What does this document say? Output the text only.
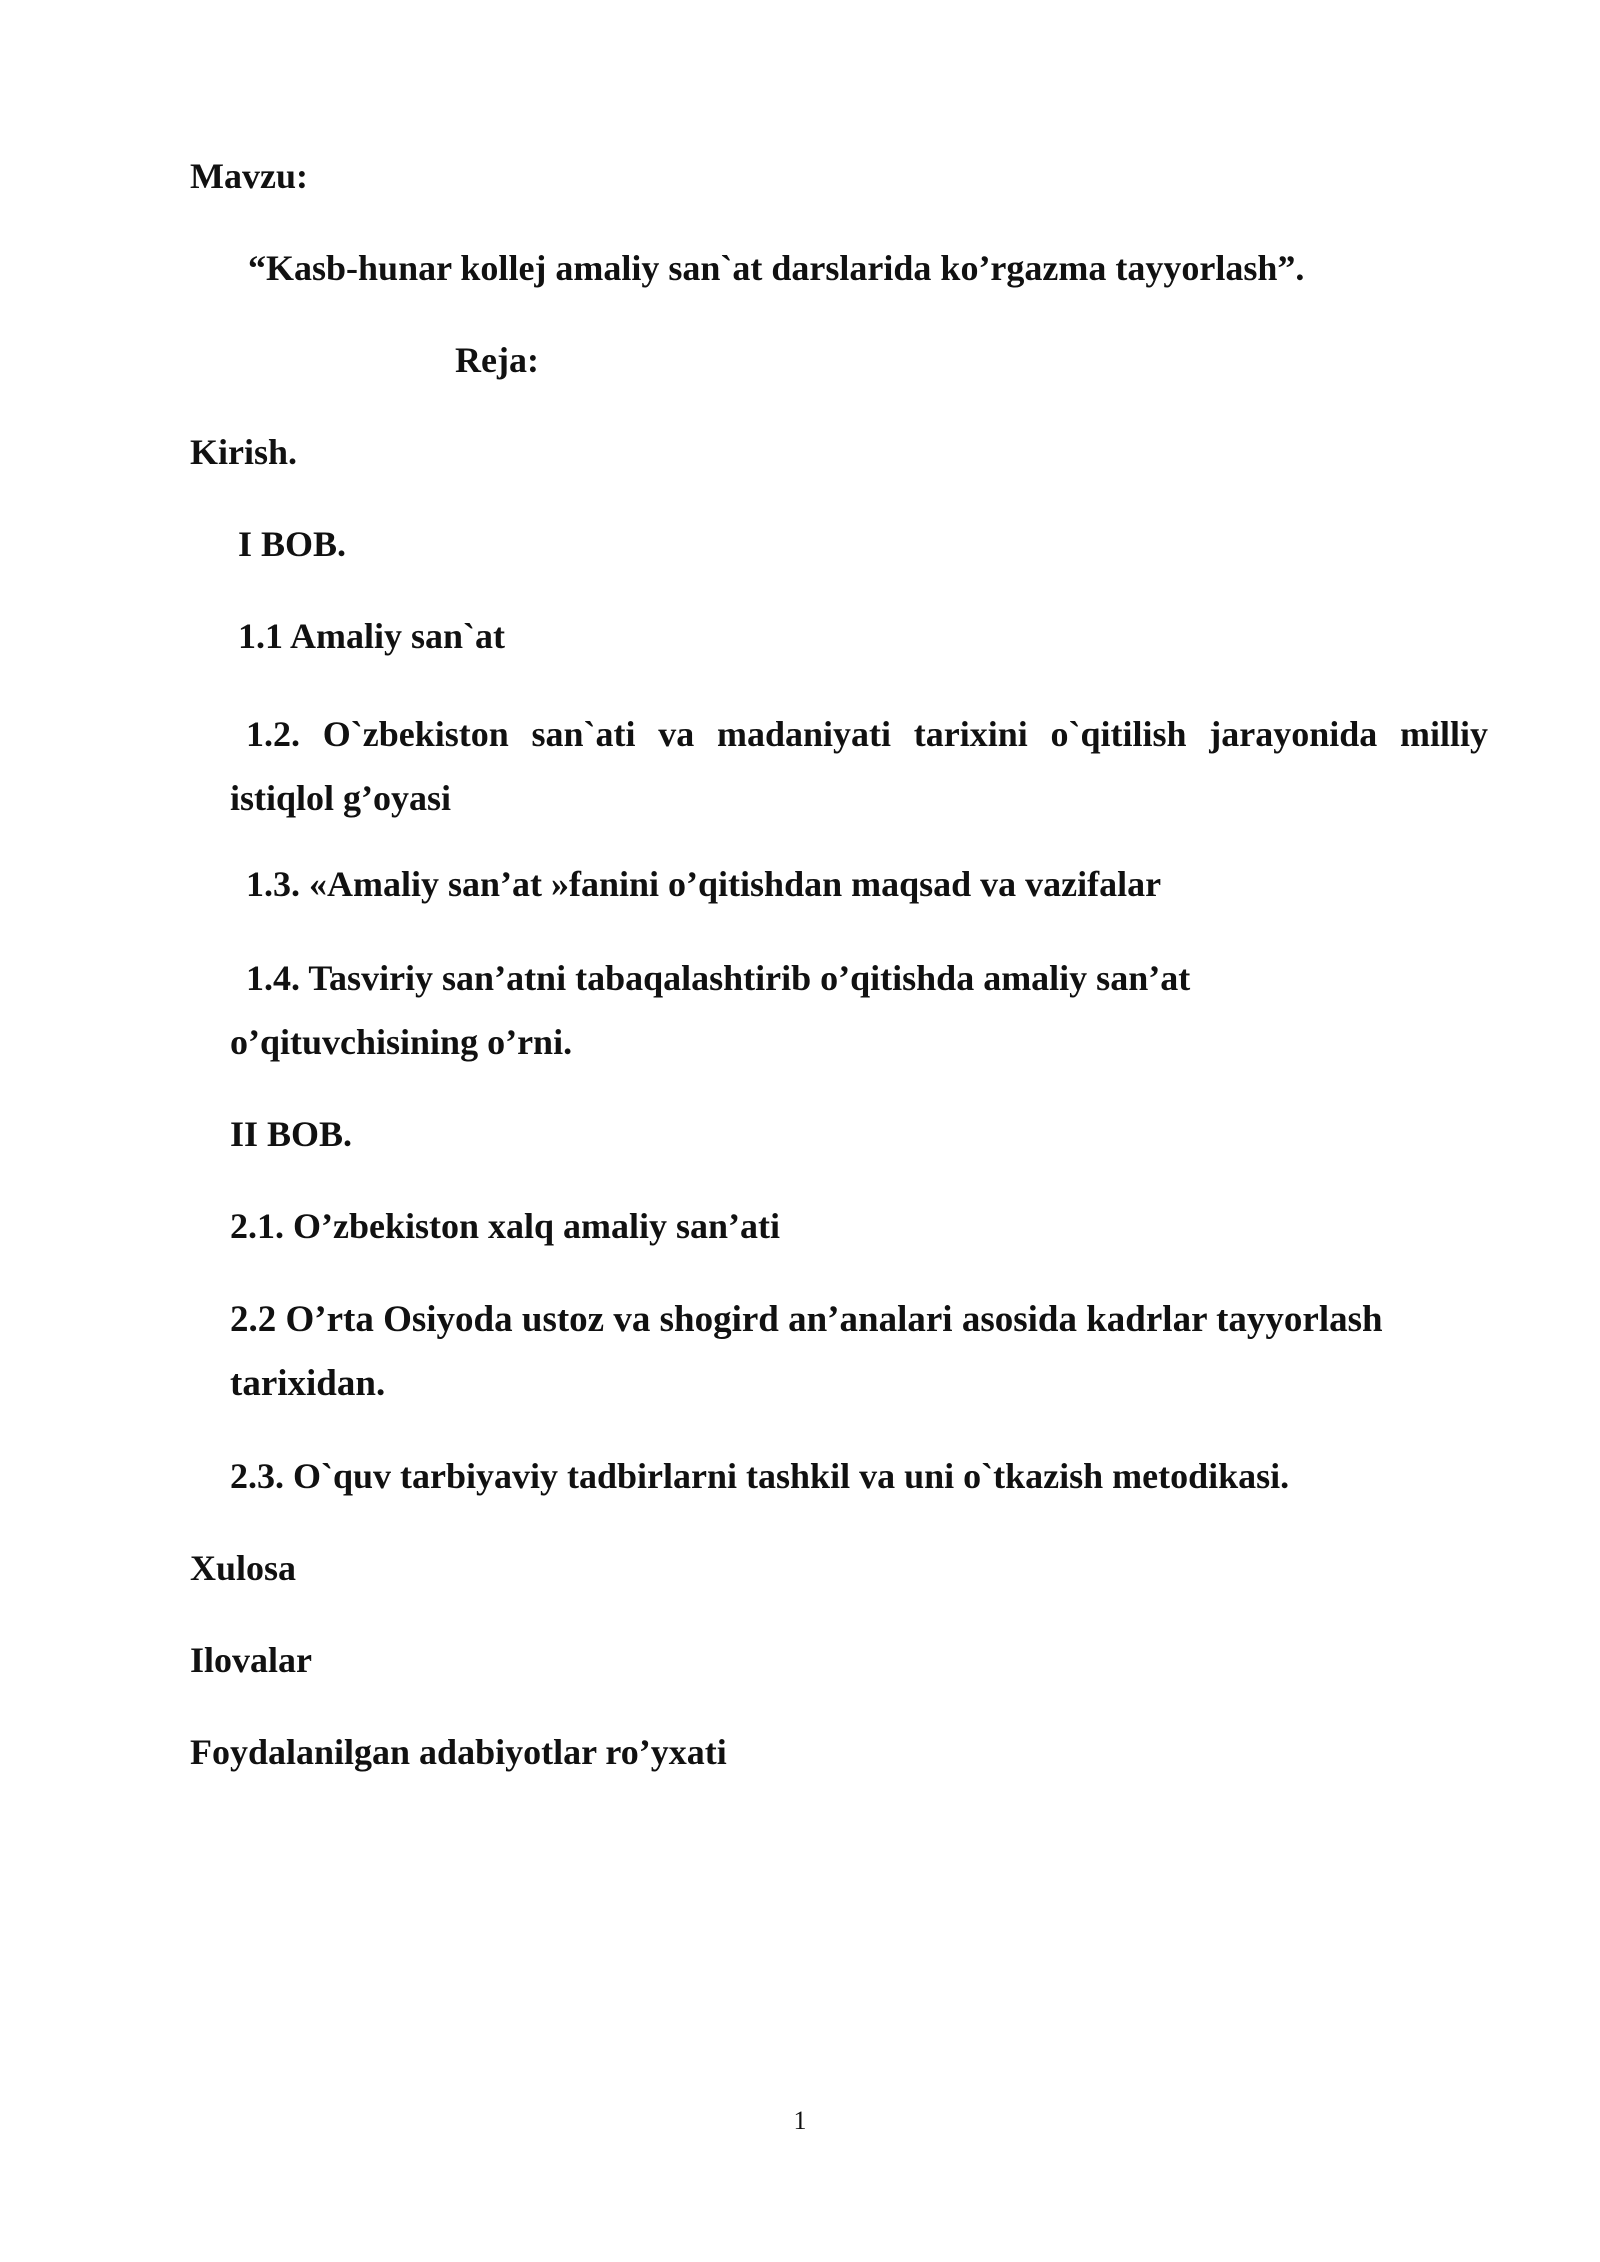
Mavzu:
“Kasb-hunar kollej amaliy san`at darslarida ko’rgazma tayyorlash”.
Reja:
Kirish.
I BOB.
1.1 Amaliy san`at
1.2. O`zbekiston san`ati va madaniyati tarixini o`qitilish jarayonida milliy
istiqlol g’oyasi
1.3. «Amaliy san’at »fanini o’qitishdan maqsad va vazifalar
1.4. Tasviriy san’atni tabaqalashtirib o’qitishda amaliy san’at
o’qituvchisining o’rni.
II BOB.
2.1. O’zbekiston xalq amaliy san’ati
2.2 O’rta Osiyoda ustoz va shogird an’analari asosida kadrlar tayyorlash
tarixidan.
2.3. O`quv tarbiyaviy tadbirlarni tashkil va uni o`tkazish metodikasi.
Xulosa
Ilovalar
Foydalanilgan adabiyotlar ro’yxati
1
